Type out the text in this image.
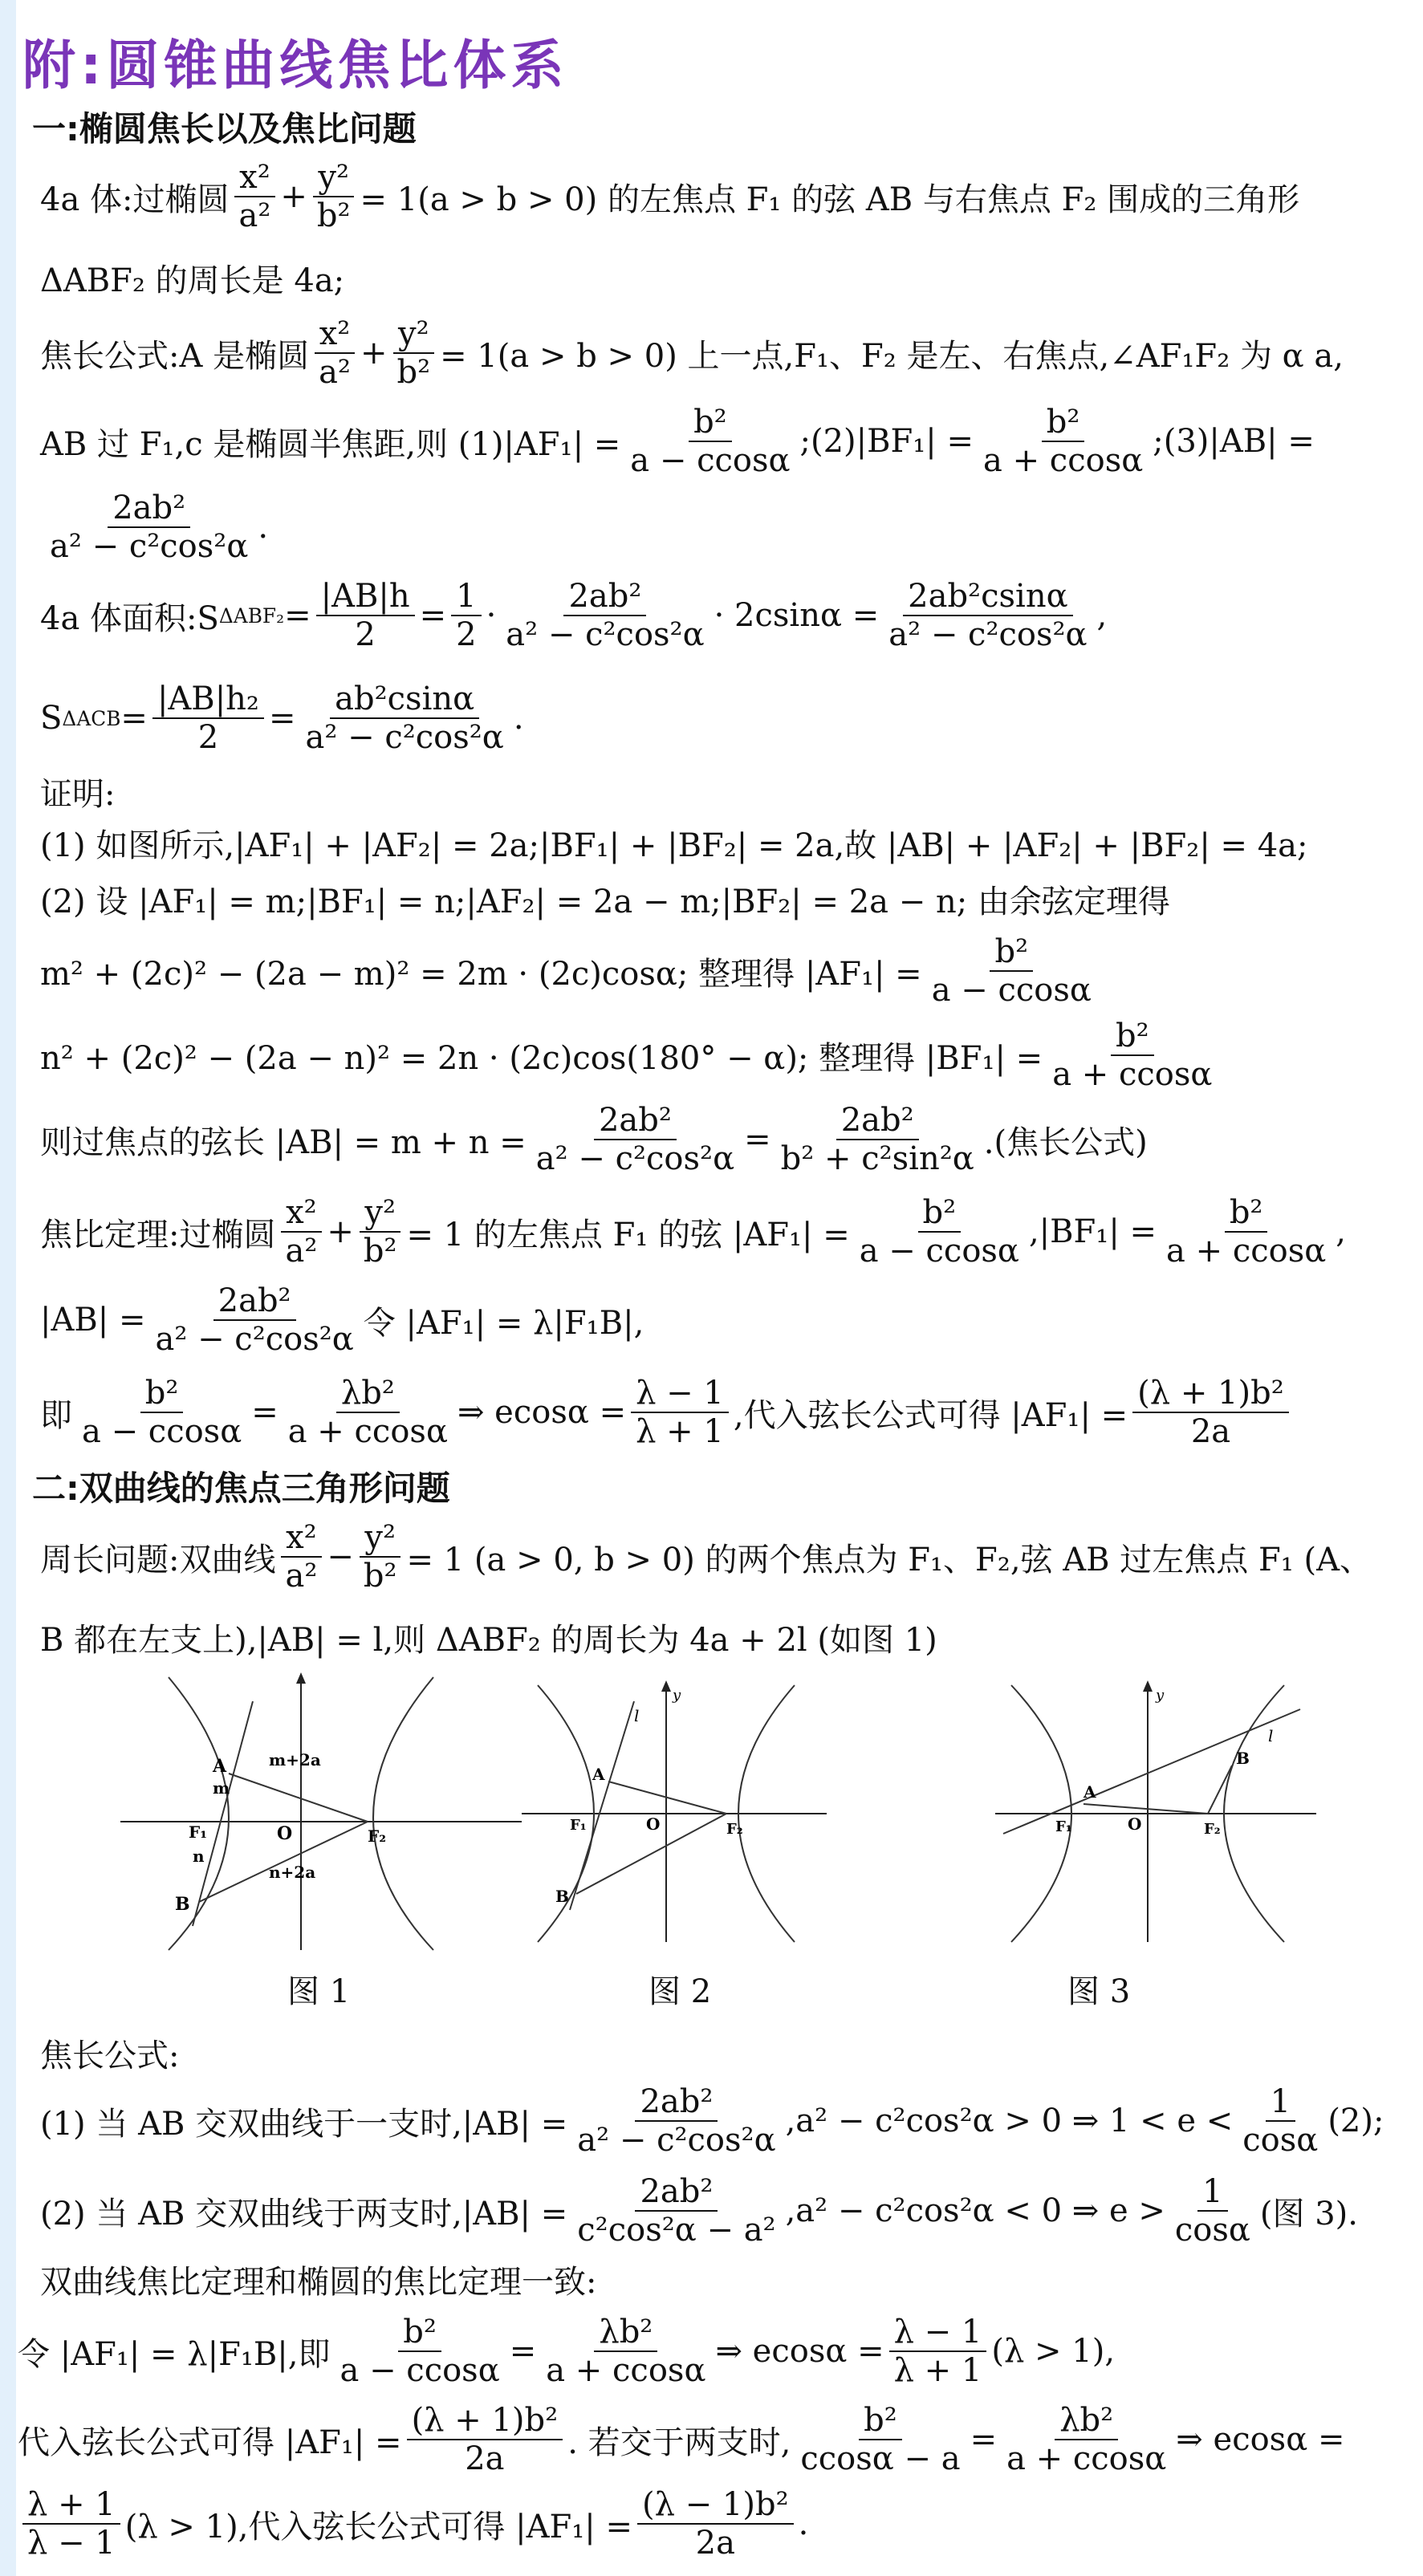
附:圆锥曲线焦比体系
一:椭圆焦长以及焦比问题
4a 体:过椭圆 $\frac{\text{x²}}{\text{a²}} + \frac{\text{y²}}{\text{b²}} = 1(a > b > 0)$ 的左焦点 F₁ 的弦 AB 与右焦点 F₂ 围成的三角形
ΔABF₂ 的周长是 4a;
焦长公式:A 是椭圆 $\frac{\text{x²}}{\text{a²}} + \frac{\text{y²}}{\text{b²}} = 1(a > b > 0)$ 上一点,F₁、F₂ 是左、右焦点,∠AF₁F₂ 为 α a,
AB 过 F₁,c 是椭圆半焦距,则 $(1)|AF_1| = \frac{\text{b²}}{a - ccos\alpha}$ ;(2)|BF₁| = $\frac{\text{b²}}{a + ccos\alpha}$ ;(3)|AB| =
$\frac{\text{2ab²}}{\text{a² − c²cos²α}}$ .
4a 体面积:S $\Delta ABF_2 = \frac{|AB|h}{2} = \frac{1}{2} \cdot \frac{\text{2ab²}}{\text{a² − c²cos²α}} \cdot 2csin\alpha = \frac{\text{2ab²csinα}}{\text{a² − c²cos²α}}$ ,
S $\Delta ACB = \frac{\text{|AB|h₂}}{2} = \frac{\text{ab²csinα}}{\text{a² − c²cos²α}}$ .
证明:
(1) 如图所示,|AF₁| + |AF₂| = 2a;|BF₁| + |BF₂| = 2a,故 |AB| + |AF₂| + |BF₂| = 4a;
(2) 设 |AF₁| = m;|BF₁| = n;|AF₂| = 2a − m;|BF₂| = 2a − n; 由余弦定理得
m² + (2c)² − (2a − m)² = 2m · (2c)cosα; 整理得 $|AF_1| = \frac{\text{b²}}{a - ccos\alpha}$
n² + (2c)² − (2a − n)² = 2n · (2c)cos(180° − α); 整理得 $|BF_1| = \frac{\text{b²}}{a + ccos\alpha}$
则过焦点的弦长 $|AB| = m + n = \frac{\text{2ab²}}{\text{a² − c²cos²α}} = \frac{\text{2ab²}}{\text{b² + c²sin²α}}$ .(焦长公式)
焦比定理:过椭圆 $\frac{\text{x²}}{\text{a²}} + \frac{\text{y²}}{\text{b²}} = 1$ 的左焦点 F₁ 的弦 $|AF_1| = \frac{\text{b²}}{a - ccos\alpha} ,|BF_1| = \frac{\text{b²}}{a + ccos\alpha}$ ,
$|AB| = \frac{\text{2ab²}}{\text{a² − c²cos²α}}$ 令 |AF₁| = λ|F₁B|,
即 $\frac{\text{b²}}{a - ccos\alpha} = \frac{\text{λb²}}{a + ccos\alpha}$ ⇒ $ecos\alpha = \frac{\lambda - 1}{\lambda + 1}$ ,代入弦长公式可得 $|AF_1| = \frac{\text{(λ + 1)b²}}{2a}$
二:双曲线的焦点三角形问题
周长问题:双曲线 $\frac{\text{x²}}{\text{a²}} - \frac{\text{y²}}{\text{b²}} = 1$ (a > 0, b > 0) 的两个焦点为 F₁、F₂,弦 AB 过左焦点 F₁ (A、
B 都在左支上),|AB| = l,则 ΔABF₂ 的周长为 4a + 2l (如图 1)
A
B
m
n
F₁	F₂
O
m+2a
n+2a
A
B
l
F₁	F₂
O
y
A
B
l
F₁	F₂
O
y
图 1	图 2	图 3
焦长公式:
(1) 当 AB 交双曲线于一支时$,|AB| = \frac{\text{2ab²}}{\text{a² − c²cos²α}} ,a^2 - c^2\cos^2\alpha > 0$ ⇒ $1 < e < \frac{1}{\cos\alpha} (2)$;
(2) 当 AB 交双曲线于两支时$,|AB| = \frac{\text{2ab²}}{\text{c²cos²α − a²}} ,a^2 - c^2\cos^2\alpha < 0$ ⇒ $e > \frac{1}{\cos\alpha}$ (图 3).
双曲线焦比定理和椭圆的焦比定理一致:
令 |AF₁| = λ|F₁B|,即 $\frac{\text{b²}}{a - ccos\alpha} = \frac{\text{λb²}}{a + ccos\alpha}$ ⇒ $ecos\alpha = \frac{\lambda - 1}{\lambda + 1} (\lambda > 1)$,
代入弦长公式可得 $|AF_1| = \frac{\text{(λ + 1)b²}}{2a}$ . 若交于两支时, $\frac{\text{b²}}{ccos\alpha - a} = \frac{\text{λb²}}{a + ccos\alpha}$ ⇒ ecosα =
$\frac{\lambda + 1}{\lambda - 1} (\lambda > 1)$,代入弦长公式可得 $|AF_1| = \frac{\text{(λ − 1)b²}}{2a}$ .
